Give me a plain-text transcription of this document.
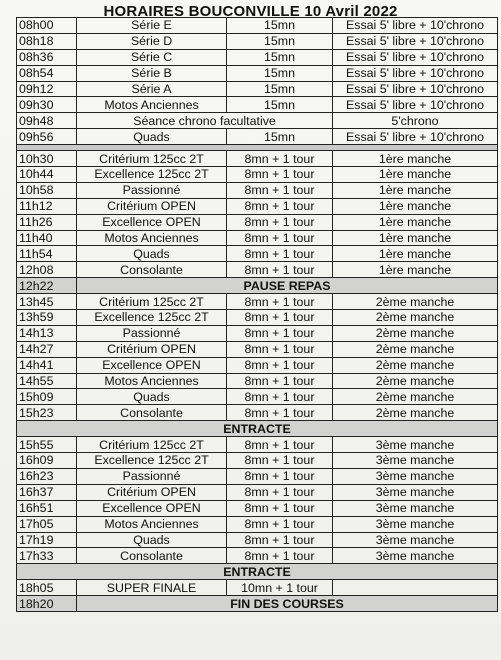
HORAIRES BOUCONVILLE 10 Avril 2022
08h00	Série E	15mn	Essai 5' libre + 10'chrono
08h18	Série D	15mn	Essai 5' libre + 10'chrono
08h36	Série C	15mn	Essai 5' libre + 10'chrono
08h54	Série B	15mn	Essai 5' libre + 10'chrono
09h12	Série A	15mn	Essai 5' libre + 10'chrono
09h30	Motos Anciennes	15mn	Essai 5' libre + 10'chrono
09h48	Séance chrono facultative		5'chrono
09h56	Quads	15mn	Essai 5' libre + 10'chrono

10h30	Critérium 125cc 2T	8mn + 1 tour	1ère manche
10h44	Excellence 125cc 2T	8mn + 1 tour	1ère manche
10h58	Passionné	8mn + 1 tour	1ère manche
11h12	Critérium OPEN	8mn + 1 tour	1ère manche
11h26	Excellence OPEN	8mn + 1 tour	1ère manche
11h40	Motos Anciennes	8mn + 1 tour	1ère manche
11h54	Quads	8mn + 1 tour	1ère manche
12h08	Consolante	8mn + 1 tour	1ère manche
12h22	PAUSE REPAS		
13h45	Critérium 125cc 2T	8mn + 1 tour	2ème manche
13h59	Excellence 125cc 2T	8mn + 1 tour	2ème manche
14h13	Passionné	8mn + 1 tour	2ème manche
14h27	Critérium OPEN	8mn + 1 tour	2ème manche
14h41	Excellence OPEN	8mn + 1 tour	2ème manche
14h55	Motos Anciennes	8mn + 1 tour	2ème manche
15h09	Quads	8mn + 1 tour	2ème manche
15h23	Consolante	8mn + 1 tour	2ème manche
ENTRACTE			
15h55	Critérium 125cc 2T	8mn + 1 tour	3ème manche
16h09	Excellence 125cc 2T	8mn + 1 tour	3ème manche
16h23	Passionné	8mn + 1 tour	3ème manche
16h37	Critérium OPEN	8mn + 1 tour	3ème manche
16h51	Excellence OPEN	8mn + 1 tour	3ème manche
17h05	Motos Anciennes	8mn + 1 tour	3ème manche
17h19	Quads	8mn + 1 tour	3ème manche
17h33	Consolante	8mn + 1 tour	3ème manche
ENTRACTE			
18h05	SUPER FINALE	10mn + 1 tour	
18h20	FIN DES COURSES		
